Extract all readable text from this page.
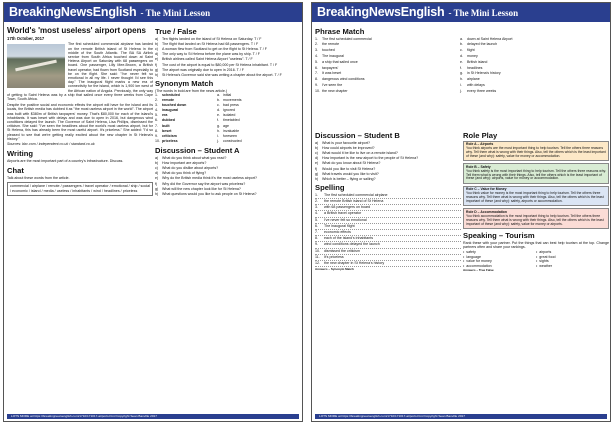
BreakingNewsEnglish - The Mini Lesson
World's 'most useless' airport opens
17th October, 2017
The first scheduled commercial airplane has landed on the remote British island of St Helena in the middle of the South Atlantic. The BA SA Airlink service from South Africa touched down at Saint Helena Airport on Saturday with 68 passengers on board. One passenger, Lilly Mee-Brown, a British travel operator, had flown from Scotland especially to be on the flight. She said: "I've never felt so emotional in all my life. I never thought I'd see this day." The inaugural flight marks a new era of connectivity for the island, which is 1,900 km west of the African nation of Angola. Previously, the only way of getting to Saint Helena was by a ship that sailed once every three weeks from Cape Town, South Africa.
Despite the positive social and economic effects the airport will have for the island and its locals, the British media has dubbed it as "the most useless airport in the world". The airport was built with $380m of British taxpayers' money. That's $80,000 for each of the island's inhabitants. It was beset with delays and was due to open in 2016, but dangerous wind conditions delayed the launch. The Governor of Saint Helena, Lisa Phillips, dismissed the criticism. She said: "I've seen the headlines about the world's most useless airport, but for St Helena, this has already been the most useful airport. It's priceless." She added: "I'd so pleased to see that we're getting really excited about the new chapter in St Helena's history."
Sources: bbc.com / independent.co.uk / standard.co.uk
Writing
Airports are the most important part of a country's infrastructure. Discuss.
Chat
Talk about these words from the article.
commercial / airplane / remote / passengers / travel operator / emotional / ship / social / economic / island / media / useless / inhabitants / wind / headlines / priceless
True / False
a)	Ten flights landed on the island of St Helena on Saturday. T / F
b)	The flight that landed on St Helena had 68 passengers. T / F
c)	A woman flew from Scotland to get on the flight to St Helena. T / F
d)	The only way to St Helena before the plane was by ship. T / F
e)	British airlines called Saint Helena Airport "useless". T / F
f)	The cost of the airport is equal to $80,000 per St Helena inhabitant. T / F
g)	The airport was originally due to open in 2016. T / F
h)	St Helena's Governor said she was writing a chapter about the airport. T / F
Synonym Match
(The words in bold are from the news article.)
1.	scheduled	a. initial
2.	remote	b. movements
3.	touched down	c. bad press
4.	inaugural	d. ignored
5.	era	e. isolated
6.	dubbed	f.	timetabled
7.	built	g. age
8.	beset	h. invaluable
9.	criticism	i.	foreseen
10. priceless	j.	constructed
Discussion – Student A
a)	What do you think about what you read?
b)	How important are airports?
c)	What do you dislike about airports?
d)	What do you think of flying?
e)	Why do the British media think it's the most useless airport?
f)	Why did the Governor say the airport was priceless?
g)	What will the new chapter look like for St Helena?
h)	What questions would you like to ask people on St Helena?
LOTS MORE at https://breakingnewsenglish.com/1710/171017-airports.html Copyright Sean Banville 2017
BreakingNewsEnglish - The Mini Lesson
Phrase Match
1.	The first scheduled commercial
2.	the remote
3.	touched
4.	The inaugural
5.	a ship that sailed once
6.	taxpayers'
7.	It was beset
8.	dangerous wind conditions
9.	I've seen the
10. the new chapter
a.	down at Saint Helena Airport
b.	delayed the launch
c.	flight
d.	money
e.	British island
f.	headlines
g.	in St Helena's history
h.	airplane
i.	with delays
j.	every three weeks
Discussion – Student B
a)	What is your favourite airport?
b)	How could airports be improved?
c)	What would it be like to live on a remote island?
d)	How important is the new airport to the people of St Helena?
e)	What do you know about St Helena?
f)	Would you like to visit St Helena?
g)	What travels would you like to visit?
h)	Which is better – flying or sailing?
Spelling
1.	The first scheduled commercial airplane
2.	the remote British island of St Helena
3.	with 68 passengers on board
4.	a British travel operator
5.	I've never felt so emotional
6.	The inaugural flight
7.	economic effects
8.	each of the island's inhabitants
9.	wind conditions delayed the launch
10.	dismissed the criticism
11.	It's priceless
12.	the new chapter in St Helena's history
Answers – Synonym Match
Role Play
Role A – Airports
You think airports are the most important thing to help tourism. Tell the others three reasons why. Tell them what is wrong with their things. Also, tell the others which is the least important of these (and why): safety, value for money or accommodation.
Role B – Safety
You think safety is the most important thing to help tourism. Tell the others three reasons why. Tell them what is wrong with their things. Also, tell the others which is the least important of these (and why): airports, value for money or accommodation.
Role C – Value for Money
You think value for money is the most important thing to help tourism. Tell the others three reasons why. Tell them what is wrong with their things. Also, tell the others which is the least important of these (and why): safety, airports or accommodation.
Role D – Accommodation
You think accommodation is the most important thing to help tourism. Tell the others three reasons why. Tell them what is wrong with their things. Also, tell the others which is the least important of these (and why): safety, value for money or airports.
Speaking – Tourism
Rank these with your partner. Put the things that can best help tourism at the top. Change partners often and share your rankings.
• safety	• airports
• language	• great food
• value for money	• sights
• accommodation	• weather
Answers – True False
LOTS MORE at https://breakingnewsenglish.com/1710/171017-airports.html Copyright Sean Banville 2017
